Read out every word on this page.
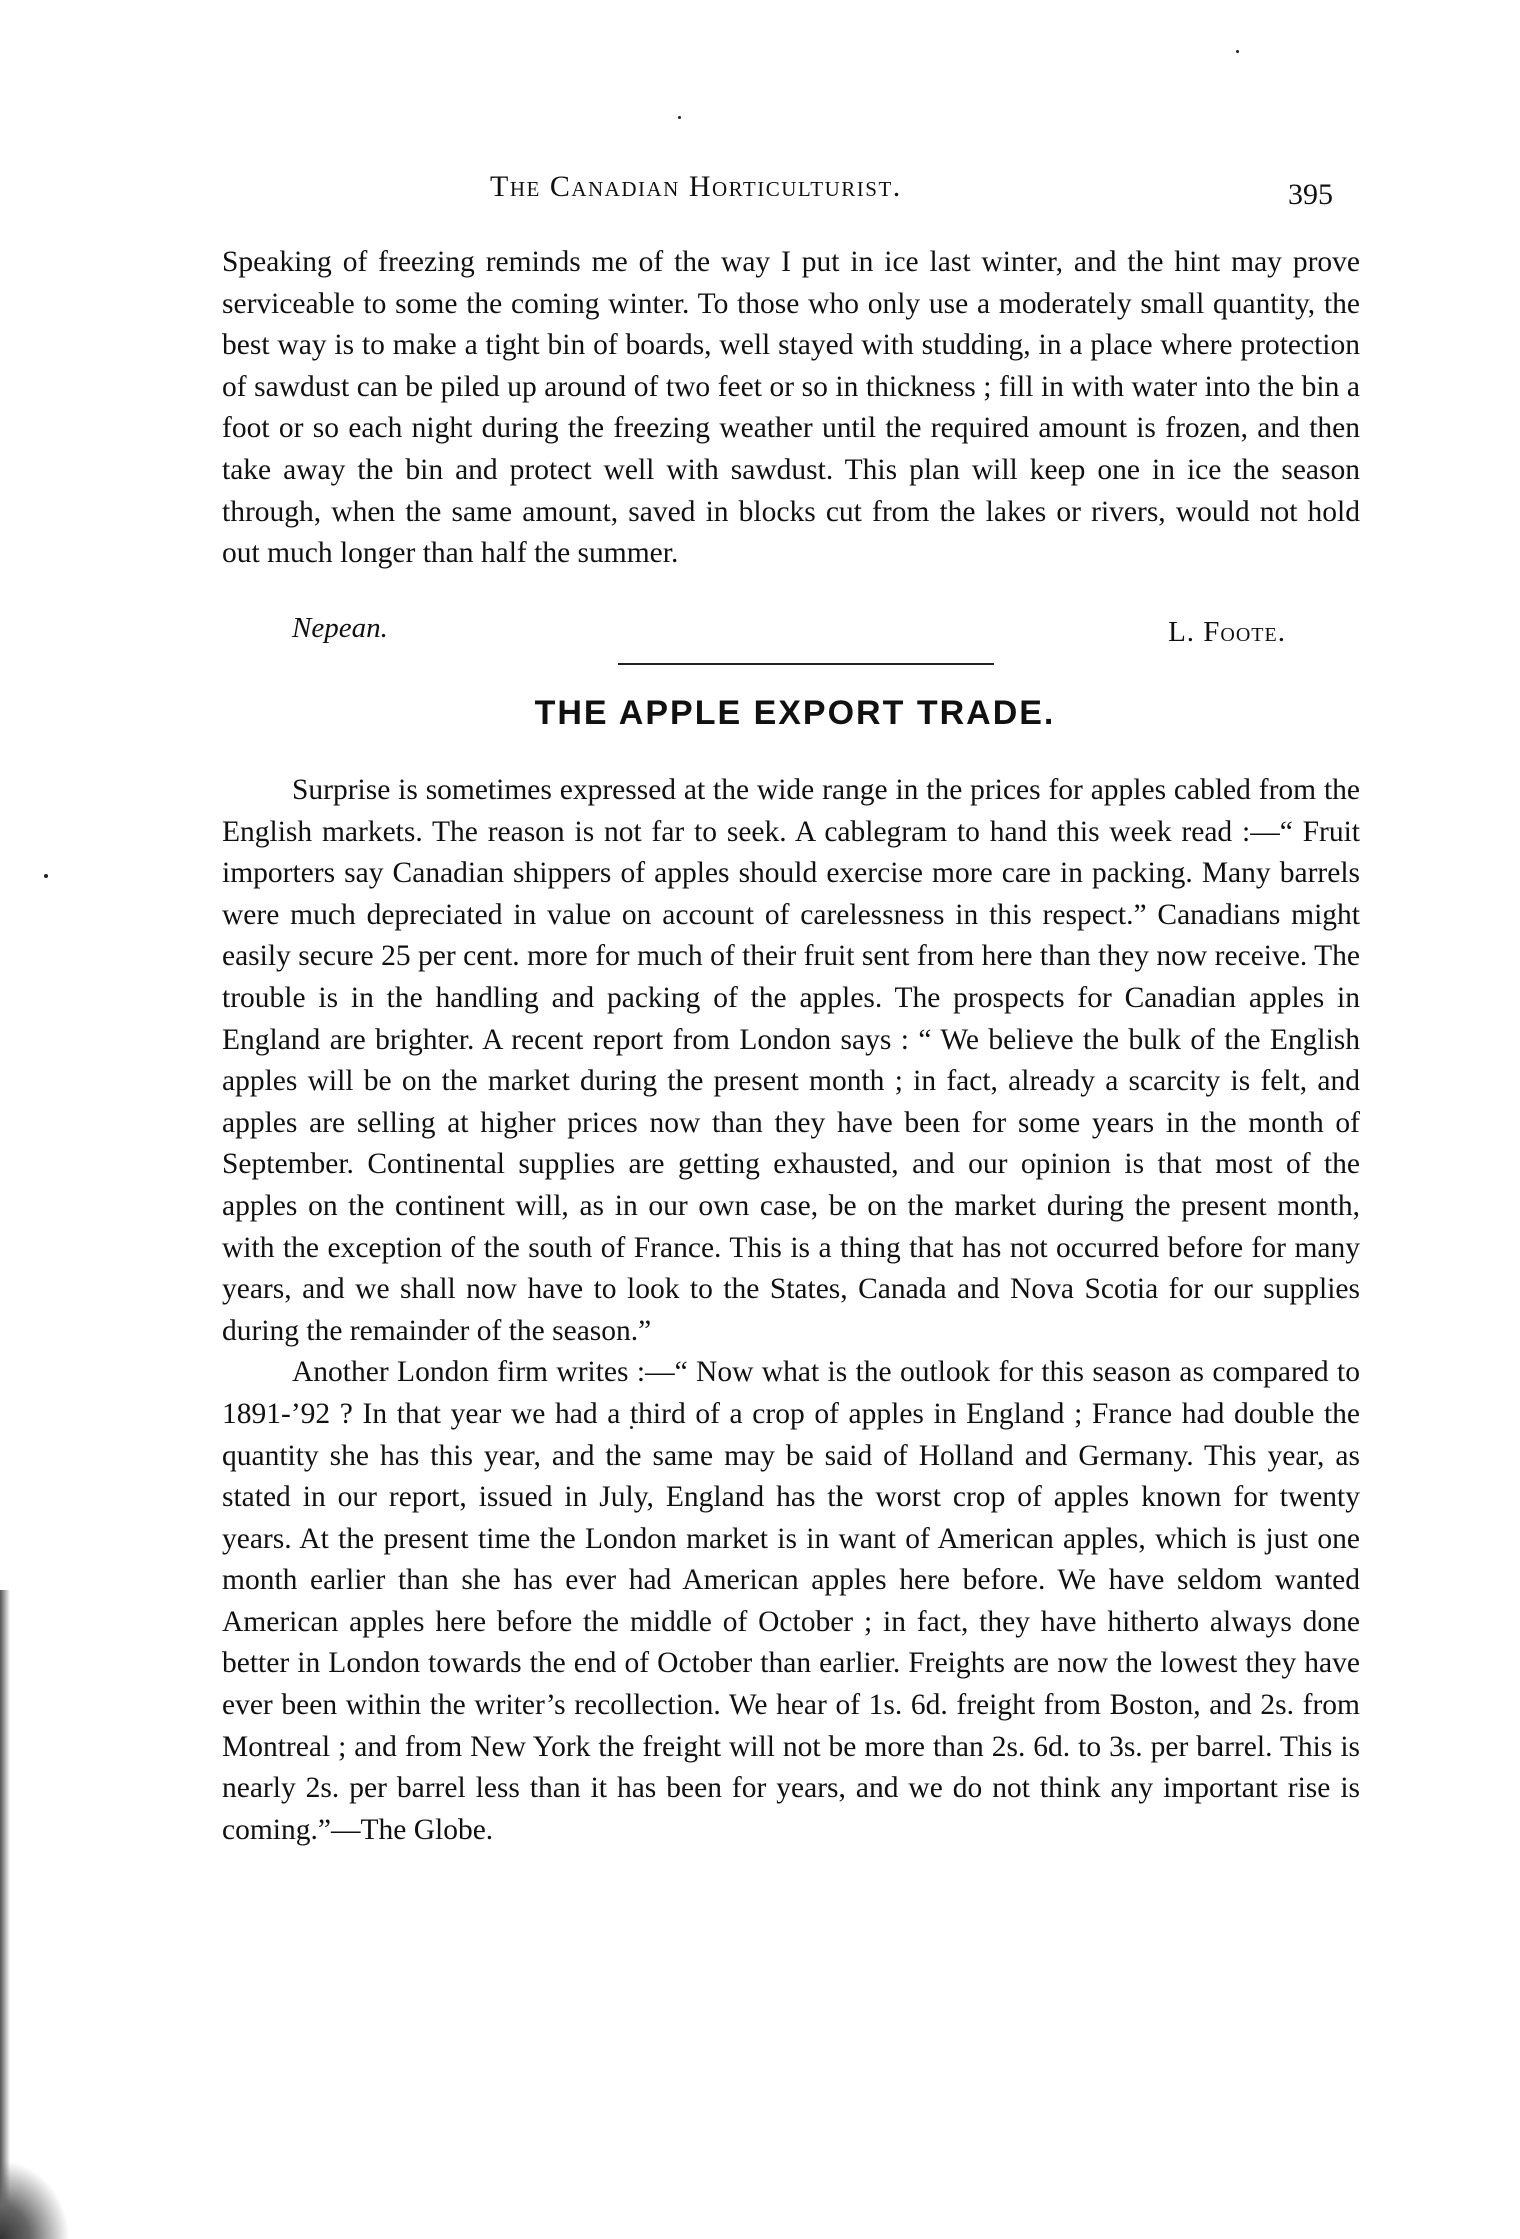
The Canadian Horticulturist.	395

Speaking of freezing reminds me of the way I put in ice last winter, and the hint may prove serviceable to some the coming winter. To those who only use a moderately small quantity, the best way is to make a tight bin of boards, well stayed with studding, in a place where protection of sawdust can be piled up around of two feet or so in thickness ; fill in with water into the bin a foot or so each night during the freezing weather until the required amount is frozen, and then take away the bin and protect well with sawdust. This plan will keep one in ice the season through, when the same amount, saved in blocks cut from the lakes or rivers, would not hold out much longer than half the summer.

Nepean.	L. Foote.
THE APPLE EXPORT TRADE.

Surprise is sometimes expressed at the wide range in the prices for apples cabled from the English markets. The reason is not far to seek. A cablegram to hand this week read :—“ Fruit importers say Canadian shippers of apples should exercise more care in packing. Many barrels were much depreciated in value on account of carelessness in this respect.” Canadians might easily secure 25 per cent. more for much of their fruit sent from here than they now receive. The trouble is in the handling and packing of the apples. The prospects for Canadian apples in England are brighter. A recent report from London says : “ We believe the bulk of the English apples will be on the market during the present month ; in fact, already a scarcity is felt, and apples are selling at higher prices now than they have been for some years in the month of September. Continental supplies are getting exhausted, and our opinion is that most of the apples on the continent will, as in our own case, be on the market during the present month, with the exception of the south of France. This is a thing that has not occurred before for many years, and we shall now have to look to the States, Canada and Nova Scotia for our supplies during the remainder of the season.”

Another London firm writes :—“ Now what is the outlook for this season as compared to 1891-’92 ? In that year we had a third of a crop of apples in England ; France had double the quantity she has this year, and the same may be said of Holland and Germany. This year, as stated in our report, issued in July, England has the worst crop of apples known for twenty years. At the present time the London market is in want of American apples, which is just one month earlier than she has ever had American apples here before. We have seldom wanted American apples here before the middle of October ; in fact, they have hitherto always done better in London towards the end of October than earlier. Freights are now the lowest they have ever been within the writer’s recollection. We hear of 1s. 6d. freight from Boston, and 2s. from Montreal ; and from New York the freight will not be more than 2s. 6d. to 3s. per barrel. This is nearly 2s. per barrel less than it has been for years, and we do not think any important rise is coming.”—The Globe.
